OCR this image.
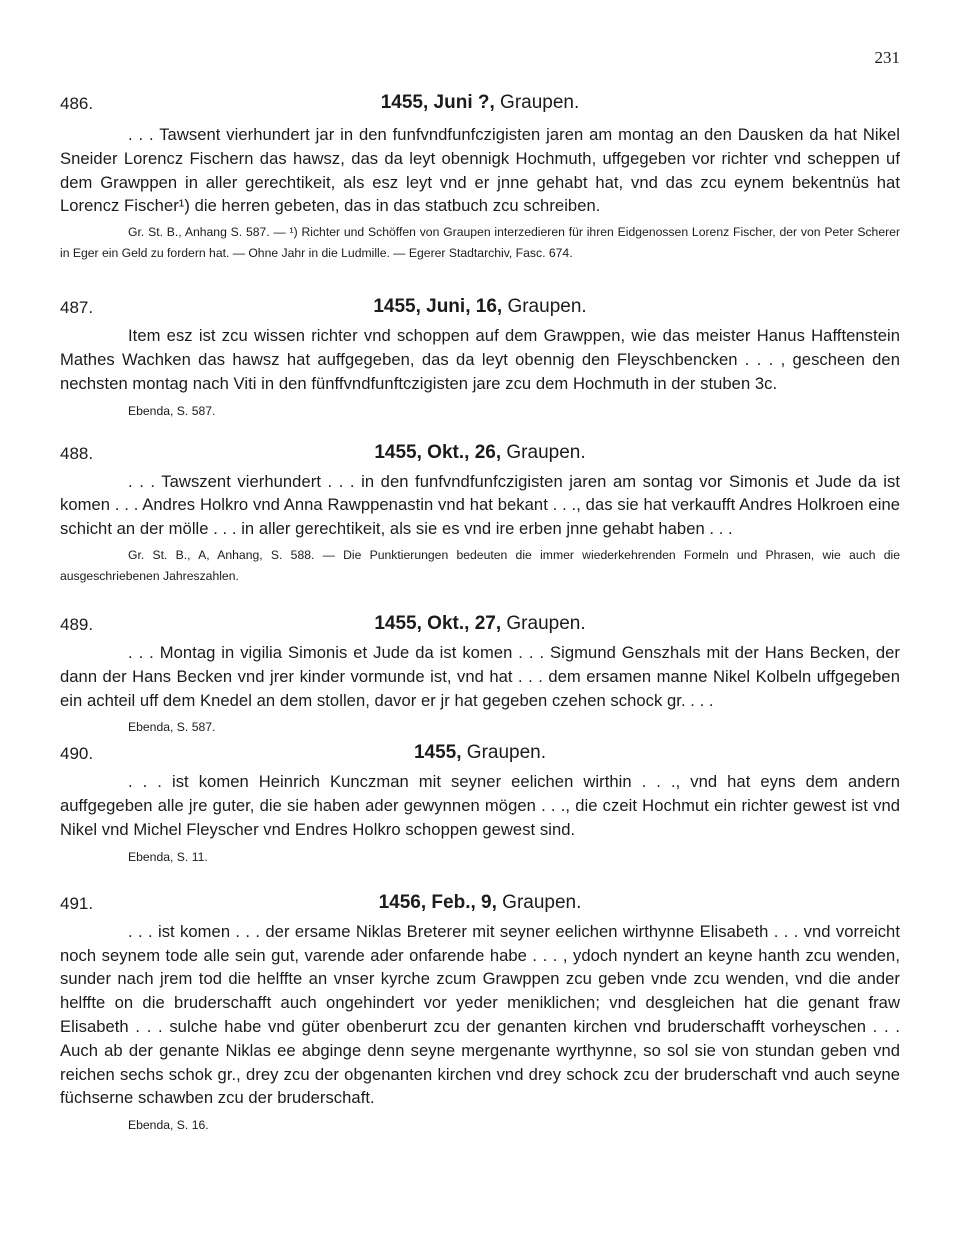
231
486.	1455, Juni ?, Graupen.

. . . Tawsent vierhundert jar in den funfvndfunfczigisten jaren am montag an den Dausken da hat Nikel Sneider Lorencz Fischern das hawsz, das da leyt obennigk Hochmuth, uffgegeben vor richter vnd scheppen uf dem Grawppen in aller gerechtikeit, als esz leyt vnd er jnne gehabt hat, vnd das zcu eynem bekentnüs hat Lorencz Fischer¹) die herren gebeten, das in das statbuch zcu schreiben.

Gr. St. B., Anhang S. 587. — ¹) Richter und Schöffen von Graupen interzedieren für ihren Eidgenossen Lorenz Fischer, der von Peter Scherer in Eger ein Geld zu fordern hat. — Ohne Jahr in die Ludmille. — Egerer Stadtarchiv, Fasc. 674.

487.	1455, Juni, 16, Graupen.

Item esz ist zcu wissen richter vnd schoppen auf dem Grawppen, wie das meister Hanus Hafftenstein Mathes Wachken das hawsz hat auffgegeben, das da leyt obennig den Fleyschbencken . . . , gescheen den nechsten montag nach Viti in den fünffvndfunftczigisten jare zcu dem Hochmuth in der stuben 3c.

Ebenda, S. 587.

488.	1455, Okt., 26, Graupen.

. . . Tawszent vierhundert . . . in den funfvndfunfczigisten jaren am sontag vor Simonis et Jude da ist komen . . . Andres Holkro vnd Anna Rawppenastin vnd hat bekant . . ., das sie hat verkaufft Andres Holkroen eine schicht an der mölle . . . in aller gerechtikeit, als sie es vnd ire erben jnne gehabt haben . . .

Gr. St. B., A, Anhang, S. 588. — Die Punktierungen bedeuten die immer wiederkehrenden Formeln und Phrasen, wie auch die ausgeschriebenen Jahreszahlen.

489.	1455, Okt., 27, Graupen.

. . . Montag in vigilia Simonis et Jude da ist komen . . . Sigmund Genszhals mit der Hans Becken, der dann der Hans Becken vnd jrer kinder vormunde ist, vnd hat . . . dem ersamen manne Nikel Kolbeln uffgegeben ein achteil uff dem Knedel an dem stollen, davor er jr hat gegeben czehen schock gr. . . .

Ebenda, S. 587.

490.	1455, Graupen.

. . . ist komen Heinrich Kunczman mit seyner eelichen wirthin . . ., vnd hat eyns dem andern auffgegeben alle jre guter, die sie haben ader gewynnen mögen . . ., die czeit Hochmut ein richter gewest ist vnd Nikel vnd Michel Fleyscher vnd Endres Holkro schoppen gewest sind.

Ebenda, S. 11.

491.	1456, Feb., 9, Graupen.

. . . ist komen . . . der ersame Niklas Breterer mit seyner eelichen wirthynne Elisabeth . . . vnd vorreicht noch seynem tode alle sein gut, varende ader onfarende habe . . . , ydoch nyndert an keyne hanth zcu wenden, sunder nach jrem tod die helffte an vnser kyrche zcum Grawppen zcu geben vnde zcu wenden, vnd die ander helffte on die bruderschafft auch ongehindert vor yeder meniklichen; vnd desgleichen hat die genant fraw Elisabeth . . . sulche habe vnd güter obenberurt zcu der genanten kirchen vnd bruderschafft vorheyschen . . . Auch ab der genante Niklas ee abginge denn seyne mergenante wyrthynne, so sol sie von stundan geben vnd reichen sechs schok gr., drey zcu der obgenanten kirchen vnd drey schock zcu der bruderschaft vnd auch seyne füchserne schawben zcu der bruderschaft.

Ebenda, S. 16.
